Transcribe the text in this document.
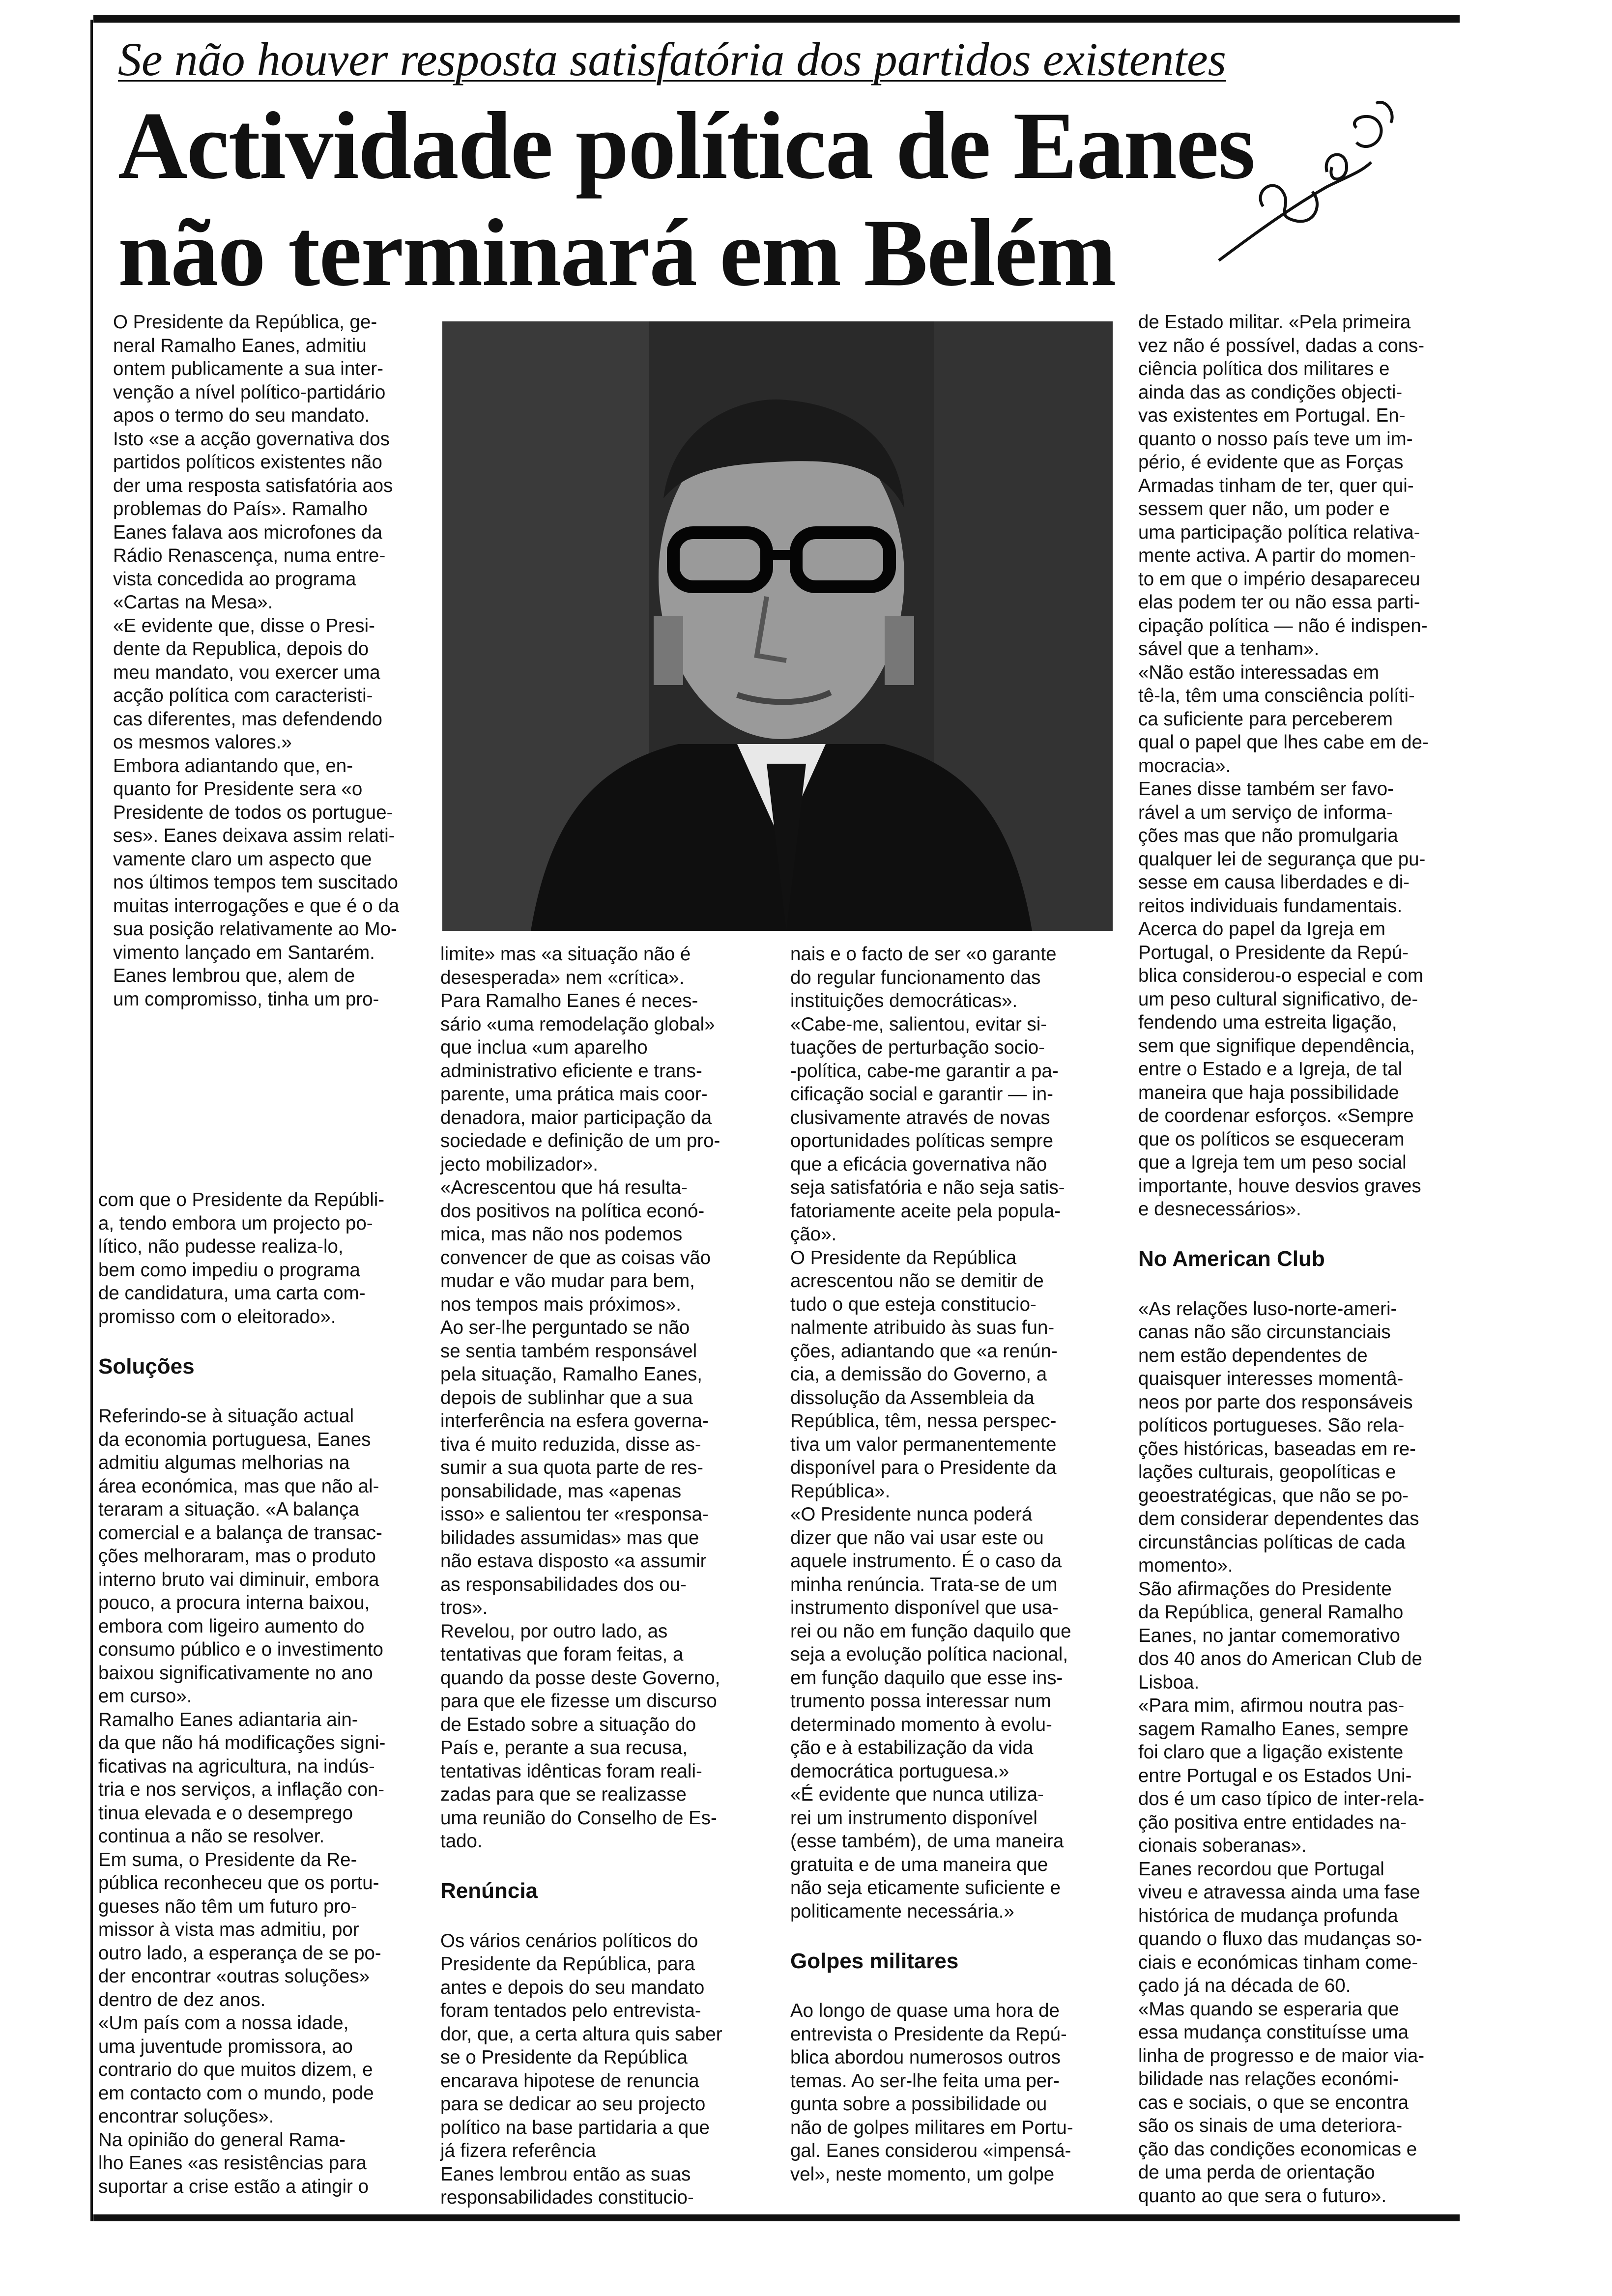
Se não houver resposta satisfatória dos partidos existentes
Actividade política de Eanes
não terminará em Belém

O Presidente da República, ge-

neral Ramalho Eanes, admitiu

ontem publicamente a sua inter-

venção a nível político-partidário

apos o termo do seu mandato.

Isto «se a acção governativa dos

partidos políticos existentes não

der uma resposta satisfatória aos

problemas do País». Ramalho

Eanes falava aos microfones da

Rádio Renascença, numa entre-

vista concedida ao programa

«Cartas na Mesa».

«E evidente que, disse o Presi-

dente da Republica, depois do

meu mandato, vou exercer uma

acção política com caracteristi-

cas diferentes, mas defendendo

os mesmos valores.»

Embora adiantando que, en-

quanto for Presidente sera «o

Presidente de todos os portugue-

ses». Eanes deixava assim relati-

vamente claro um aspecto que

nos últimos tempos tem suscitado

muitas interrogações e que é o da

sua posição relativamente ao Mo-

vimento lançado em Santarém.

Eanes lembrou que, alem de

um compromisso, tinha um pro-

com que o Presidente da Repúbli-

a, tendo embora um projecto po-

lítico, não pudesse realiza-lo,

bem como impediu o programa

de candidatura, uma carta com-

promisso com o eleitorado».

Soluções

Referindo-se à situação actual

da economia portuguesa, Eanes

admitiu algumas melhorias na

área económica, mas que não al-

teraram a situação. «A balança

comercial e a balança de transac-

ções melhoraram, mas o produto

interno bruto vai diminuir, embora

pouco, a procura interna baixou,

embora com ligeiro aumento do

consumo público e o investimento

baixou significativamente no ano

em curso».

Ramalho Eanes adiantaria ain-

da que não há modificações signi-

ficativas na agricultura, na indús-

tria e nos serviços, a inflação con-

tinua elevada e o desemprego

continua a não se resolver.

Em suma, o Presidente da Re-

pública reconheceu que os portu-

gueses não têm um futuro pro-

missor à vista mas admitiu, por

outro lado, a esperança de se po-

der encontrar «outras soluções»

dentro de dez anos.

«Um país com a nossa idade,

uma juventude promissora, ao

contrario do que muitos dizem, e

em contacto com o mundo, pode

encontrar soluções».

Na opinião do general Rama-

lho Eanes «as resistências para

suportar a crise estão a atingir o

limite» mas «a situação não é

desesperada» nem «crítica».

Para Ramalho Eanes é neces-

sário «uma remodelação global»

que inclua «um aparelho

administrativo eficiente e trans-

parente, uma prática mais coor-

denadora, maior participação da

sociedade e definição de um pro-

jecto mobilizador».

«Acrescentou que há resulta-

dos positivos na política econó-

mica, mas não nos podemos

convencer de que as coisas vão

mudar e vão mudar para bem,

nos tempos mais próximos».

Ao ser-lhe perguntado se não

se sentia também responsável

pela situação, Ramalho Eanes,

depois de sublinhar que a sua

interferência na esfera governa-

tiva é muito reduzida, disse as-

sumir a sua quota parte de res-

ponsabilidade, mas «apenas

isso» e salientou ter «responsa-

bilidades assumidas» mas que

não estava disposto «a assumir

as responsabilidades dos ou-

tros».

Revelou, por outro lado, as

tentativas que foram feitas, a

quando da posse deste Governo,

para que ele fizesse um discurso

de Estado sobre a situação do

País e, perante a sua recusa,

tentativas idênticas foram reali-

zadas para que se realizasse

uma reunião do Conselho de Es-

tado.

Renúncia

Os vários cenários políticos do

Presidente da República, para

antes e depois do seu mandato

foram tentados pelo entrevista-

dor, que, a certa altura quis saber

se o Presidente da República

encarava hipotese de renuncia

para se dedicar ao seu projecto

político na base partidaria a que

já fizera referência

Eanes lembrou então as suas

responsabilidades constitucio-

nais e o facto de ser «o garante

do regular funcionamento das

instituições democráticas».

«Cabe-me, salientou, evitar si-

tuações de perturbação socio-

-política, cabe-me garantir a pa-

cificação social e garantir — in-

clusivamente através de novas

oportunidades políticas sempre

que a eficácia governativa não

seja satisfatória e não seja satis-

fatoriamente aceite pela popula-

ção».

O Presidente da República

acrescentou não se demitir de

tudo o que esteja constitucio-

nalmente atribuido às suas fun-

ções, adiantando que «a renún-

cia, a demissão do Governo, a

dissolução da Assembleia da

República, têm, nessa perspec-

tiva um valor permanentemente

disponível para o Presidente da

República».

«O Presidente nunca poderá

dizer que não vai usar este ou

aquele instrumento. É o caso da

minha renúncia. Trata-se de um

instrumento disponível que usa-

rei ou não em função daquilo que

seja a evolução política nacional,

em função daquilo que esse ins-

trumento possa interessar num

determinado momento à evolu-

ção e à estabilização da vida

democrática portuguesa.»

«É evidente que nunca utiliza-

rei um instrumento disponível

(esse também), de uma maneira

gratuita e de uma maneira que

não seja eticamente suficiente e

politicamente necessária.»

Golpes militares

Ao longo de quase uma hora de

entrevista o Presidente da Repú-

blica abordou numerosos outros

temas. Ao ser-lhe feita uma per-

gunta sobre a possibilidade ou

não de golpes militares em Portu-

gal. Eanes considerou «impensá-

vel», neste momento, um golpe

de Estado militar. «Pela primeira

vez não é possível, dadas a cons-

ciência política dos militares e

ainda das as condições objecti-

vas existentes em Portugal. En-

quanto o nosso país teve um im-

pério, é evidente que as Forças

Armadas tinham de ter, quer qui-

sessem quer não, um poder e

uma participação política relativa-

mente activa. A partir do momen-

to em que o império desapareceu

elas podem ter ou não essa parti-

cipação política — não é indispen-

sável que a tenham».

«Não estão interessadas em

tê-la, têm uma consciência políti-

ca suficiente para perceberem

qual o papel que lhes cabe em de-

mocracia».

Eanes disse também ser favo-

rável a um serviço de informa-

ções mas que não promulgaria

qualquer lei de segurança que pu-

sesse em causa liberdades e di-

reitos individuais fundamentais.

Acerca do papel da Igreja em

Portugal, o Presidente da Repú-

blica considerou-o especial e com

um peso cultural significativo, de-

fendendo uma estreita ligação,

sem que signifique dependência,

entre o Estado e a Igreja, de tal

maneira que haja possibilidade

de coordenar esforços. «Sempre

que os políticos se esqueceram

que a Igreja tem um peso social

importante, houve desvios graves

e desnecessários».

No American Club

«As relações luso-norte-ameri-

canas não são circunstanciais

nem estão dependentes de

quaisquer interesses momentâ-

neos por parte dos responsáveis

políticos portugueses. São rela-

ções históricas, baseadas em re-

lações culturais, geopolíticas e

geoestratégicas, que não se po-

dem considerar dependentes das

circunstâncias políticas de cada

momento».

São afirmações do Presidente

da República, general Ramalho

Eanes, no jantar comemorativo

dos 40 anos do American Club de

Lisboa.

«Para mim, afirmou noutra pas-

sagem Ramalho Eanes, sempre

foi claro que a ligação existente

entre Portugal e os Estados Uni-

dos é um caso típico de inter-rela-

ção positiva entre entidades na-

cionais soberanas».

Eanes recordou que Portugal

viveu e atravessa ainda uma fase

histórica de mudança profunda

quando o fluxo das mudanças so-

ciais e económicas tinham come-

çado já na década de 60.

«Mas quando se esperaria que

essa mudança constituísse uma

linha de progresso e de maior via-

bilidade nas relações económi-

cas e sociais, o que se encontra

são os sinais de uma deteriora-

ção das condições economicas e

de uma perda de orientação

quanto ao que sera o futuro».
